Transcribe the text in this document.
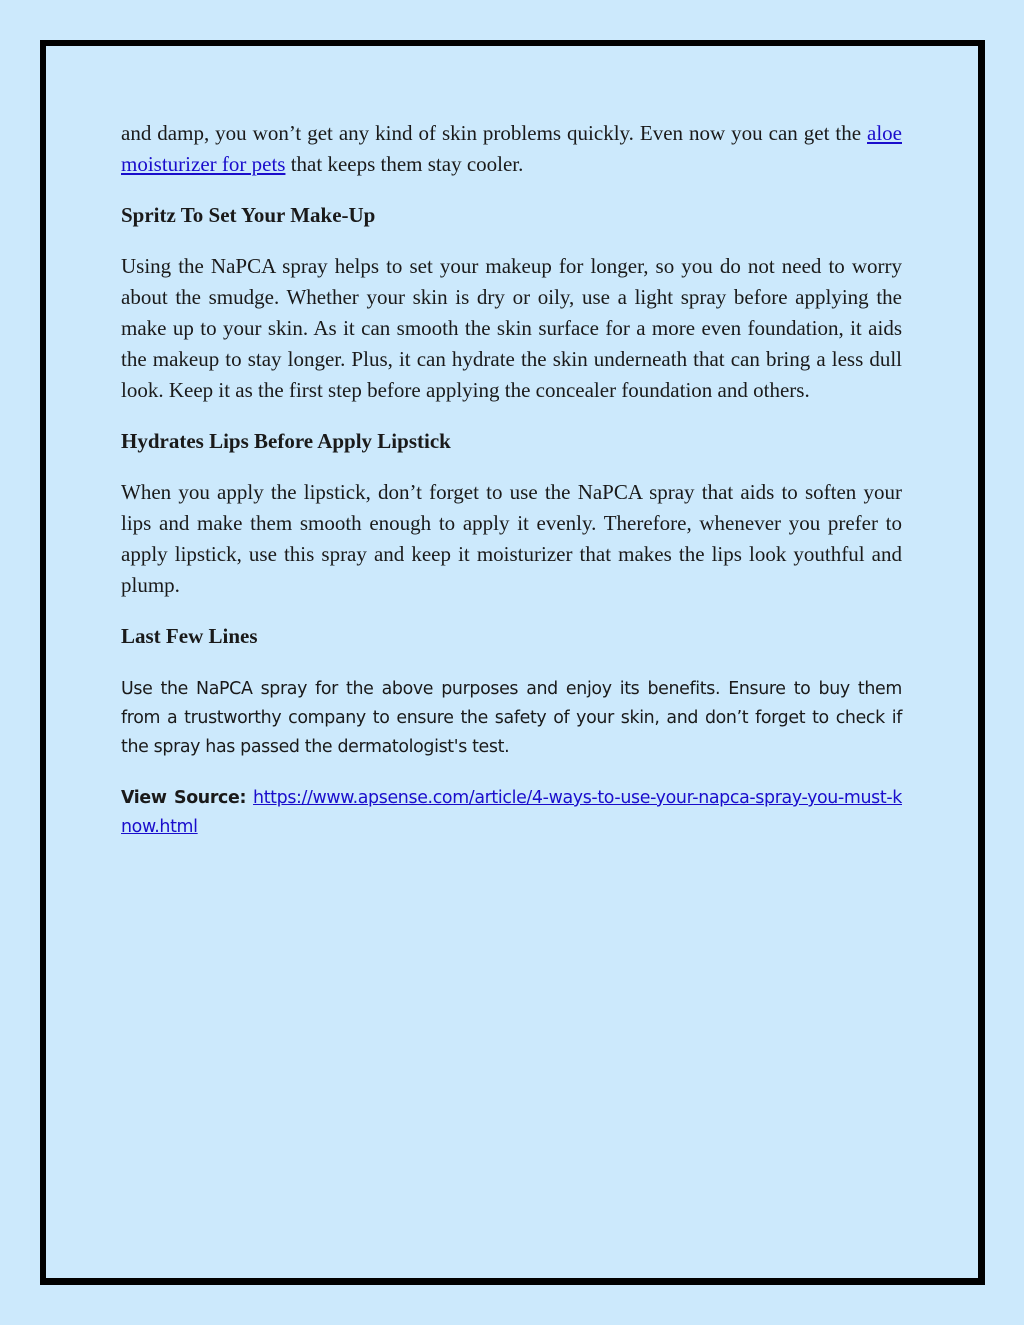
and damp, you won’t get any kind of skin problems quickly. Even now you can get the aloe moisturizer for pets that keeps them stay cooler.

Spritz To Set Your Make-Up

Using the NaPCA spray helps to set your makeup for longer, so you do not need to worry about the smudge. Whether your skin is dry or oily, use a light spray before applying the make up to your skin. As it can smooth the skin surface for a more even foundation, it aids the makeup to stay longer. Plus, it can hydrate the skin underneath that can bring a less dull look. Keep it as the first step before applying the concealer foundation and others.

Hydrates Lips Before Apply Lipstick

When you apply the lipstick, don’t forget to use the NaPCA spray that aids to soften your lips and make them smooth enough to apply it evenly. Therefore, whenever you prefer to apply lipstick, use this spray and keep it moisturizer that makes the lips look youthful and plump.

Last Few Lines

Use the NaPCA spray for the above purposes and enjoy its benefits. Ensure to buy them from a trustworthy company to ensure the safety of your skin, and don’t forget to check if the spray has passed the dermatologist's test.

View Source: https://www.apsense.com/article/4-ways-to-use-your-napca-spray-you-must-know.html
